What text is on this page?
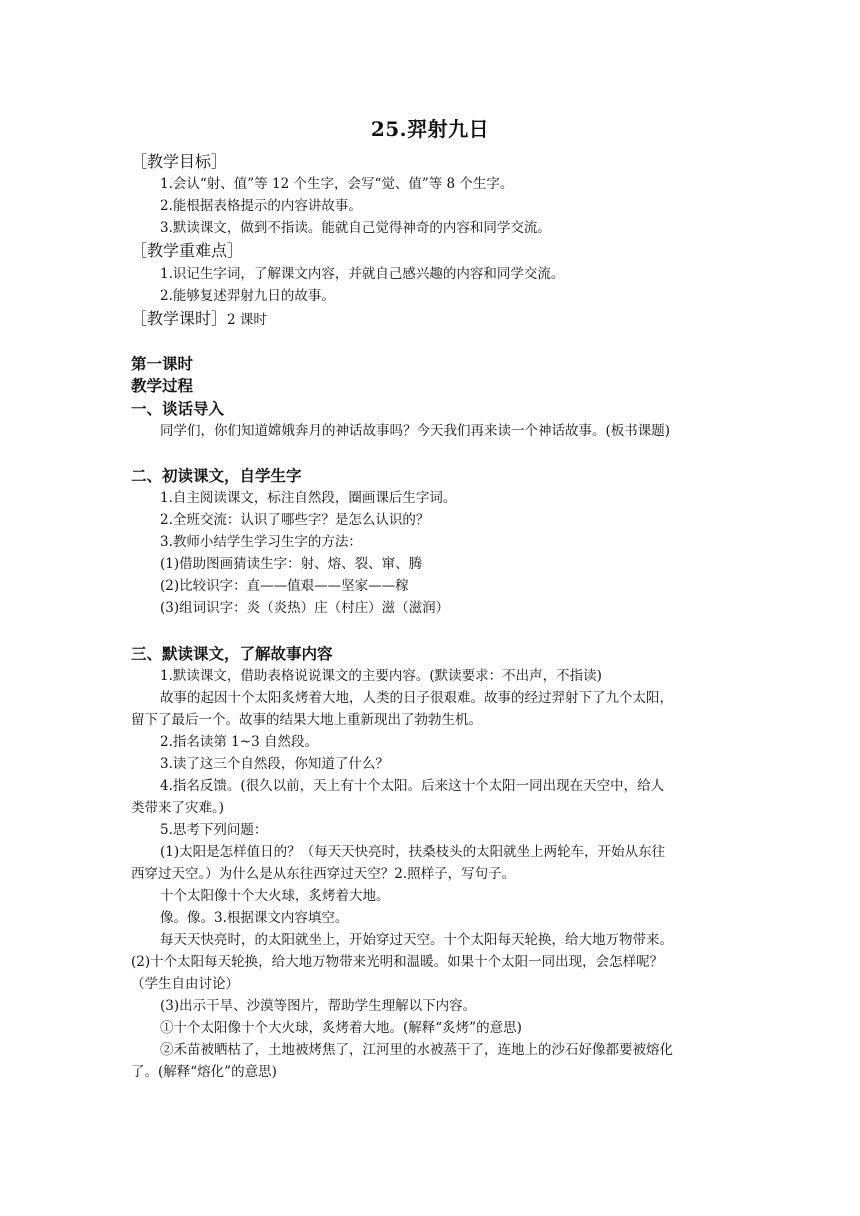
25.羿射九日
［教学目标］
1.会认“射、值”等 12 个生字，会写“觉、值”等 8 个生字。
2.能根据表格提示的内容讲故事。
3.默读课文，做到不指读。能就自己觉得神奇的内容和同学交流。
［教学重难点］
1.识记生字词，了解课文内容，并就自己感兴趣的内容和同学交流。
2.能够复述羿射九日的故事。
［教学课时］2 课时
第一课时
教学过程
一、谈话导入
同学们，你们知道嫦娥奔月的神话故事吗？今天我们再来读一个神话故事。(板书课题)
二、初读课文，自学生字
1.自主阅读课文，标注自然段，圈画课后生字词。
2.全班交流：认识了哪些字？是怎么认识的？
3.教师小结学生学习生字的方法：
(1)借助图画猜读生字：射、熔、裂、窜、腾
(2)比较识字：直——值艰——坚家——稼
(3)组词识字：炎（炎热）庄（村庄）滋（滋润）
三、默读课文，了解故事内容
1.默读课文，借助表格说说课文的主要内容。(默读要求：不出声，不指读)
故事的起因十个太阳炙烤着大地，人类的日子很艰难。故事的经过羿射下了九个太阳，
留下了最后一个。故事的结果大地上重新现出了勃勃生机。
2.指名读第 1~3 自然段。
3.读了这三个自然段，你知道了什么？
4.指名反馈。(很久以前，天上有十个太阳。后来这十个太阳一同出现在天空中，给人
类带来了灾难。)
5.思考下列问题：
(1)太阳是怎样值日的？（每天天快亮时，扶桑枝头的太阳就坐上两轮车，开始从东往
西穿过天空。）为什么是从东往西穿过天空？2.照样子，写句子。
十个太阳像十个大火球，炙烤着大地。
像。像。3.根据课文内容填空。
每天天快亮时，的太阳就坐上，开始穿过天空。十个太阳每天轮换，给大地万物带来。
(2)十个太阳每天轮换，给大地万物带来光明和温暖。如果十个太阳一同出现，会怎样呢？
（学生自由讨论）
(3)出示干旱、沙漠等图片，帮助学生理解以下内容。
①十个太阳像十个大火球，炙烤着大地。(解释“炙烤”的意思)
②禾苗被晒枯了，土地被烤焦了，江河里的水被蒸干了，连地上的沙石好像都要被熔化
了。(解释“熔化”的意思)
